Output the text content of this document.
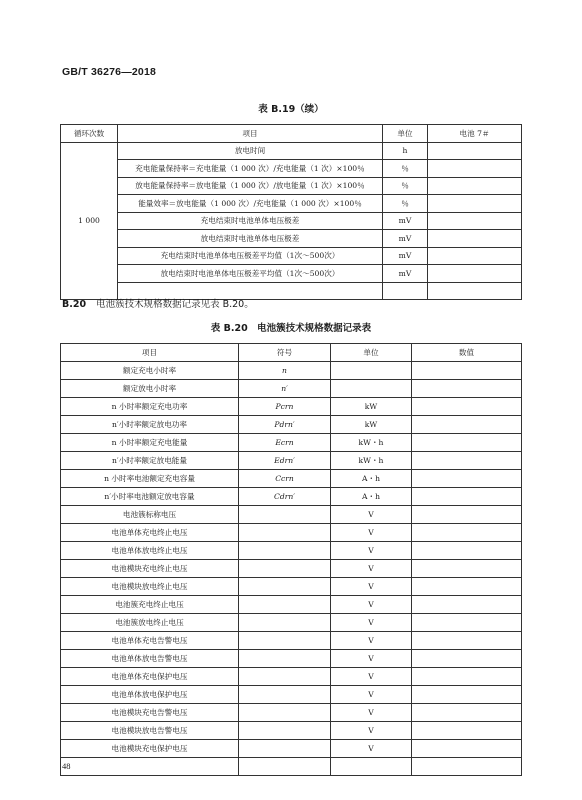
GB/T 36276—2018
表 B.19（续）
循环次数	项目	单位	电池 7＃
1 000	放电时间	h	
	充电能量保持率＝充电能量（1 000 次）/充电能量（1 次）×100％	％	
	放电能量保持率＝放电能量（1 000 次）/放电能量（1 次）×100％	％	
	能量效率＝放电能量（1 000 次）/充电能量（1 000 次）×100％	％	
	充电结束时电池单体电压极差	mV	
	放电结束时电池单体电压极差	mV	
	充电结束时电池单体电压极差平均值（1次～500次）	mV	
	放电结束时电池单体电压极差平均值（1次～500次）	mV	

B.20 电池簇技术规格数据记录见表 B.20。
表 B.20　电池簇技术规格数据记录表
项目	符号	单位	数值
额定充电小时率	n		
额定放电小时率	n′		
n 小时率额定充电功率	Pcrn	kW	
n′小时率额定放电功率	Pdrn′	kW	
n 小时率额定充电能量	Ecrn	kW・h	
n′小时率额定放电能量	Edrn′	kW・h	
n 小时率电池额定充电容量	Ccrn	A・h	
n′小时率电池额定放电容量	Cdrn′	A・h	
电池簇标称电压		V	
电池单体充电终止电压		V	
电池单体放电终止电压		V	
电池模块充电终止电压		V	
电池模块放电终止电压		V	
电池簇充电终止电压		V	
电池簇放电终止电压		V	
电池单体充电告警电压		V	
电池单体放电告警电压		V	
电池单体充电保护电压		V	
电池单体放电保护电压		V	
电池模块充电告警电压		V	
电池模块放电告警电压		V	
电池模块充电保护电压		V	

48
